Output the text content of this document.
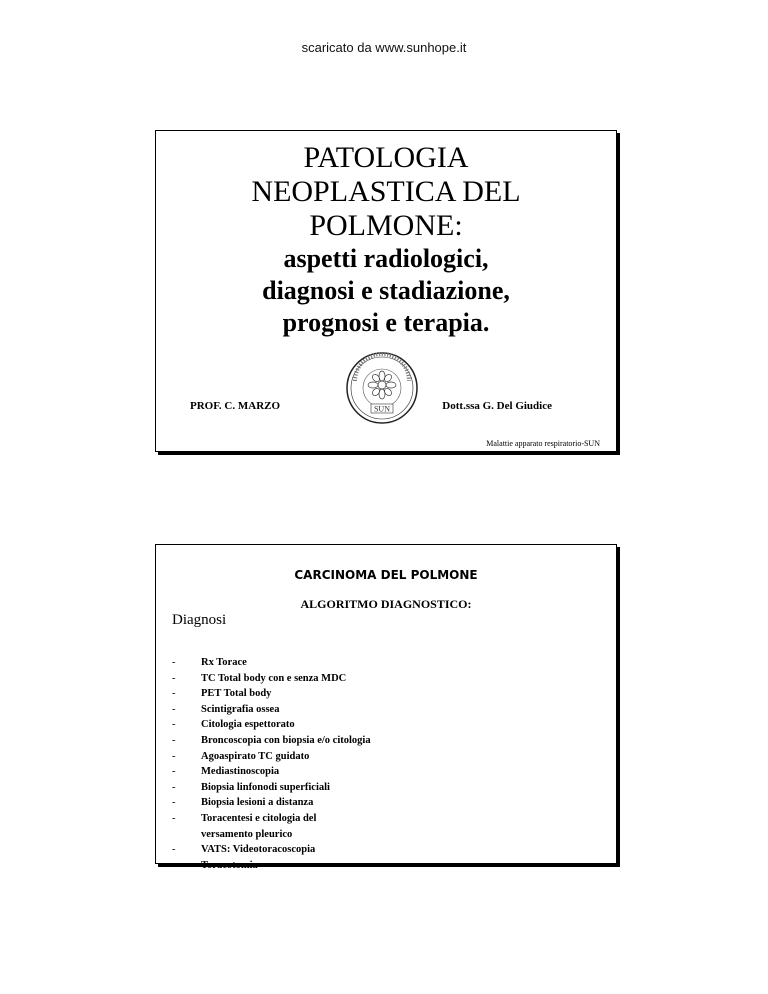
scaricato da www.sunhope.it
PATOLOGIA
NEOPLASTICA DEL
POLMONE:
aspetti radiologici,
diagnosi e stadiazione,
prognosi e terapia.
PROF. C. MARZO	SUN	Dott.ssa G. Del Giudice
Malattie apparato respiratorio-SUN
CARCINOMA DEL POLMONE
ALGORITMO DIAGNOSTICO:
Diagnosi
-	Rx Torace
-	TC Total body con e senza MDC
-	PET Total body
-	Scintigrafia ossea
-	Citologia espettorato
-	Broncoscopia con biopsia e/o citologia
-	Agoaspirato TC guidato
-	Mediastinoscopia
-	Biopsia linfonodi superficiali
-	Biopsia lesioni a distanza
-	Toracentesi e citologia del
versamento pleurico
-	VATS: Videotoracoscopia
-	Toracotomia
